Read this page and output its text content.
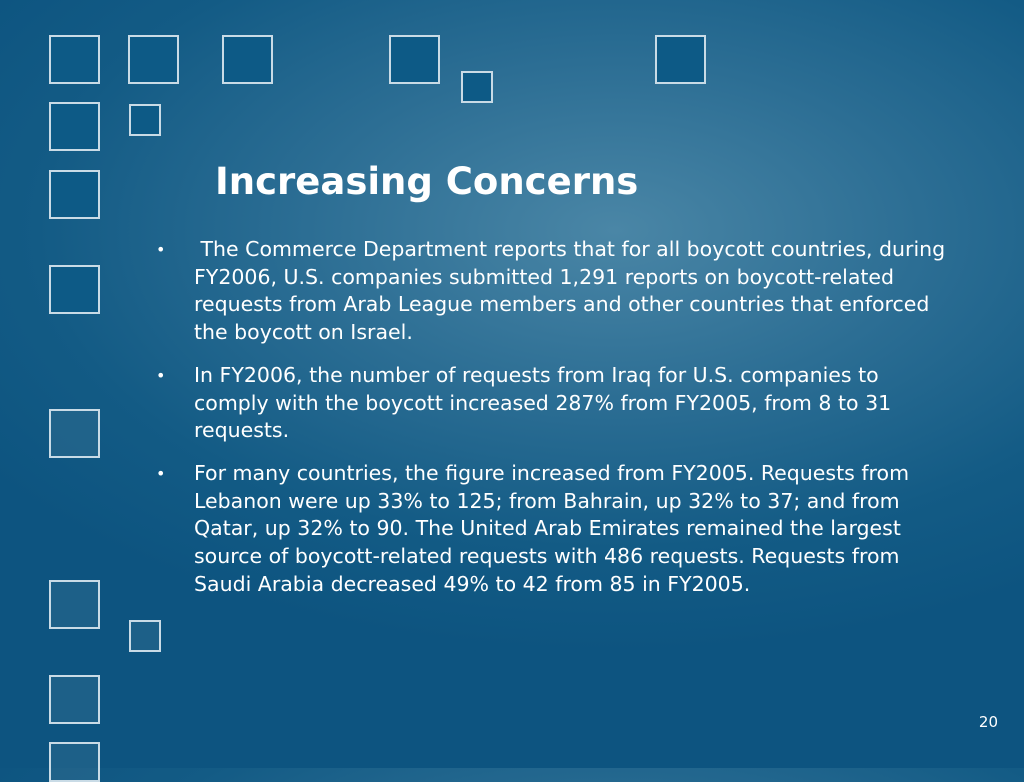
Increasing Concerns
• The Commerce Department reports that for all boycott countries, during FY2006, U.S. companies submitted 1,291 reports on boycott-related requests from Arab League members and other countries that enforced the boycott on Israel.
• In FY2006, the number of requests from Iraq for U.S. companies to comply with the boycott increased 287% from FY2005, from 8 to 31 requests.
• For many countries, the figure increased from FY2005. Requests from Lebanon were up 33% to 125; from Bahrain, up 32% to 37; and from Qatar, up 32% to 90. The United Arab Emirates remained the largest source of boycott-related requests with 486 requests. Requests from Saudi Arabia decreased 49% to 42 from 85 in FY2005.
20
